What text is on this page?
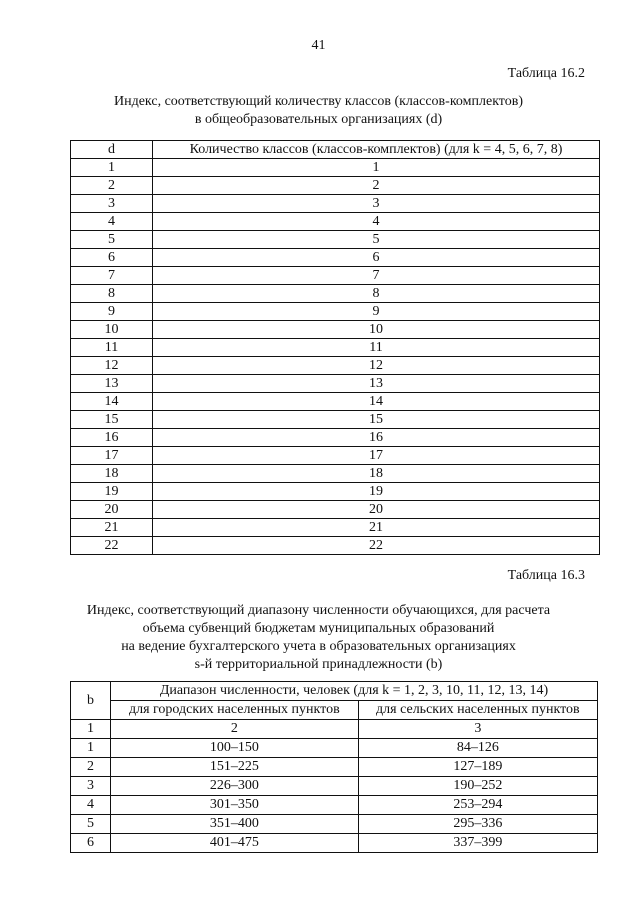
41
Таблица 16.2
Индекс, соответствующий количеству классов (классов-комплектов)
в общеобразовательных организациях (d)
d	Количество классов (классов-комплектов) (для k = 4, 5, 6, 7, 8)
1	1
2	2
3	3
4	4
5	5
6	6
7	7
8	8
9	9
10	10
11	11
12	12
13	13
14	14
15	15
16	16
17	17
18	18
19	19
20	20
21	21
22	22
Таблица 16.3
Индекс, соответствующий диапазону численности обучающихся, для расчета
объема субвенций бюджетам муниципальных образований
на ведение бухгалтерского учета в образовательных организациях
s-й территориальной принадлежности (b)
b	Диапазон численности, человек (для k = 1, 2, 3, 10, 11, 12, 13, 14)	
	для городских населенных пунктов	для сельских населенных пунктов
1	2	3
1	100–150	84–126
2	151–225	127–189
3	226–300	190–252
4	301–350	253–294
5	351–400	295–336
6	401–475	337–399
